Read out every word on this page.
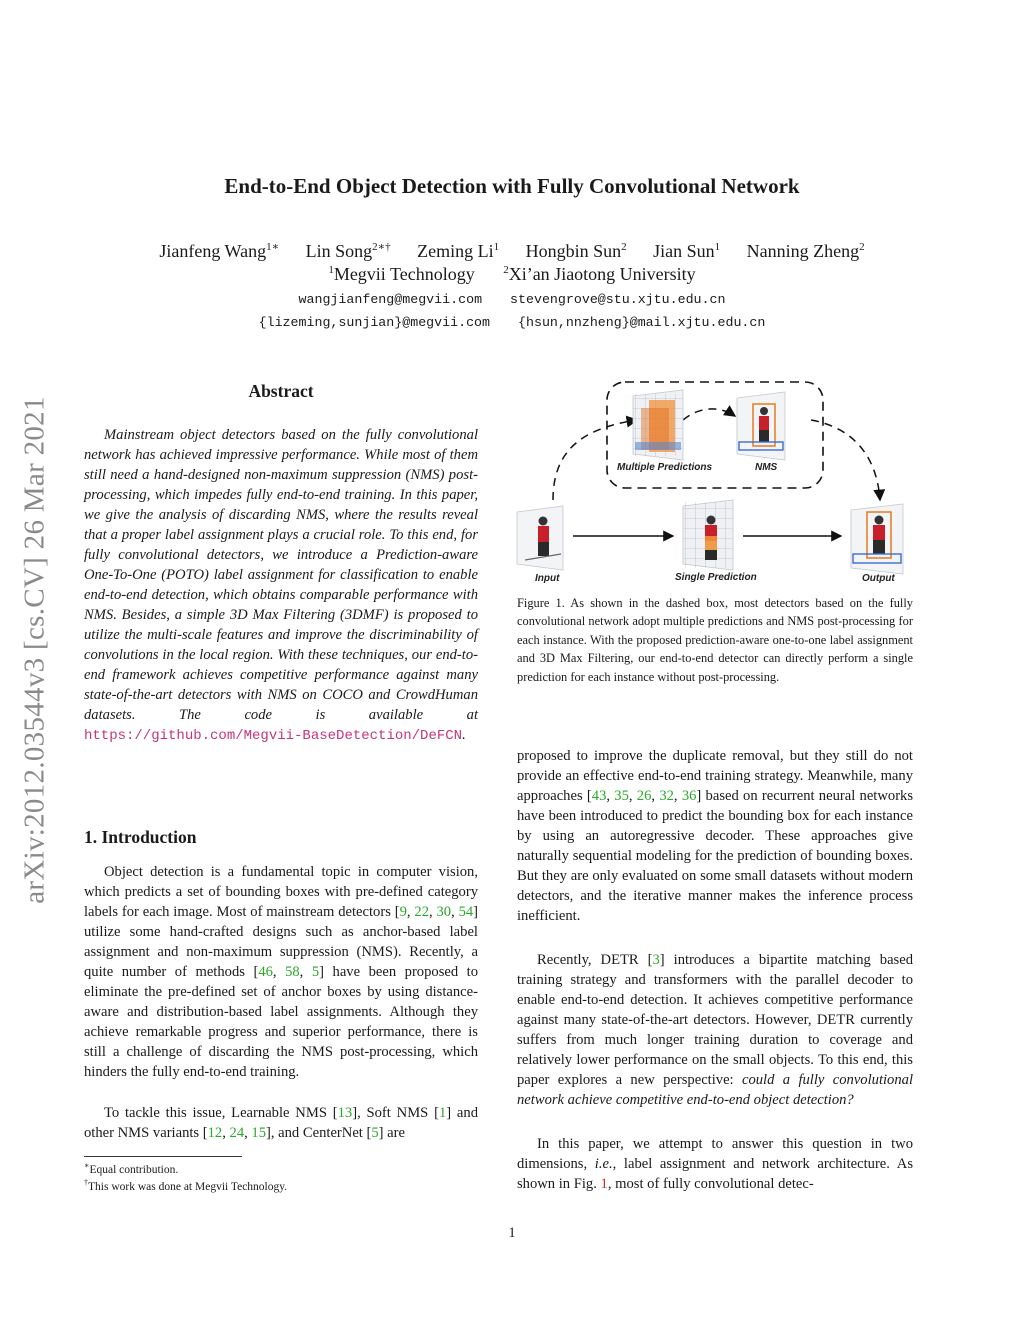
arXiv:2012.03544v3 [cs.CV] 26 Mar 2021
End-to-End Object Detection with Fully Convolutional Network
Jianfeng Wang$^{1∗}$ Lin Song$^{2∗\dagger}$ Zeming Li$^1$ Hongbin Sun$^2$ Jian Sun$^1$ Nanning Zheng$^2$
$^1$Megvii Technology	$^2$Xi’an Jiaotong University
wangjianfeng@megvii.com stevengrove@stu.xjtu.edu.cn
{lizeming,sunjian}@megvii.com {hsun,nnzheng}@mail.xjtu.edu.cn
Abstract
Mainstream object detectors based on the fully convolutional network has achieved impressive performance. While most of them still need a hand-designed non-maximum suppression (NMS) post-processing, which impedes fully end-to-end training. In this paper, we give the analysis of discarding NMS, where the results reveal that a proper label assignment plays a crucial role. To this end, for fully convolutional detectors, we introduce a Prediction-aware One-To-One (POTO) label assignment for classification to enable end-to-end detection, which obtains comparable performance with NMS. Besides, a simple 3D Max Filtering (3DMF) is proposed to utilize the multi-scale features and improve the discriminability of convolutions in the local region. With these techniques, our end-to-end framework achieves competitive performance against many state-of-the-art detectors with NMS on COCO and CrowdHuman datasets. The code is available at https://github.com/Megvii-BaseDetection/DeFCN.
1. Introduction
Object detection is a fundamental topic in computer vision, which predicts a set of bounding boxes with pre-defined category labels for each image. Most of mainstream detectors [9, 22, 30, 54] utilize some hand-crafted designs such as anchor-based label assignment and non-maximum suppression (NMS). Recently, a quite number of methods [46, 58, 5] have been proposed to eliminate the pre-defined set of anchor boxes by using distance-aware and distribution-based label assignments. Although they achieve remarkable progress and superior performance, there is still a challenge of discarding the NMS post-processing, which hinders the fully end-to-end training.
To tackle this issue, Learnable NMS [13], Soft NMS [1] and other NMS variants [12, 24, 15], and CenterNet [5] are
∗Equal contribution.
†This work was done at Megvii Technology.
Multiple Predictions	NMS
Input	Single Prediction	Output
Figure 1. As shown in the dashed box, most detectors based on the fully convolutional network adopt multiple predictions and NMS post-processing for each instance. With the proposed prediction-aware one-to-one label assignment and 3D Max Filtering, our end-to-end detector can directly perform a single prediction for each instance without post-processing.
proposed to improve the duplicate removal, but they still do not provide an effective end-to-end training strategy. Meanwhile, many approaches [43, 35, 26, 32, 36] based on recurrent neural networks have been introduced to predict the bounding box for each instance by using an autoregressive decoder. These approaches give naturally sequential modeling for the prediction of bounding boxes. But they are only evaluated on some small datasets without modern detectors, and the iterative manner makes the inference process inefficient.
Recently, DETR [3] introduces a bipartite matching based training strategy and transformers with the parallel decoder to enable end-to-end detection. It achieves competitive performance against many state-of-the-art detectors. However, DETR currently suffers from much longer training duration to coverage and relatively lower performance on the small objects. To this end, this paper explores a new perspective: could a fully convolutional network achieve competitive end-to-end object detection?
In this paper, we attempt to answer this question in two dimensions, i.e., label assignment and network architecture. As shown in Fig. 1, most of fully convolutional detec-
1
